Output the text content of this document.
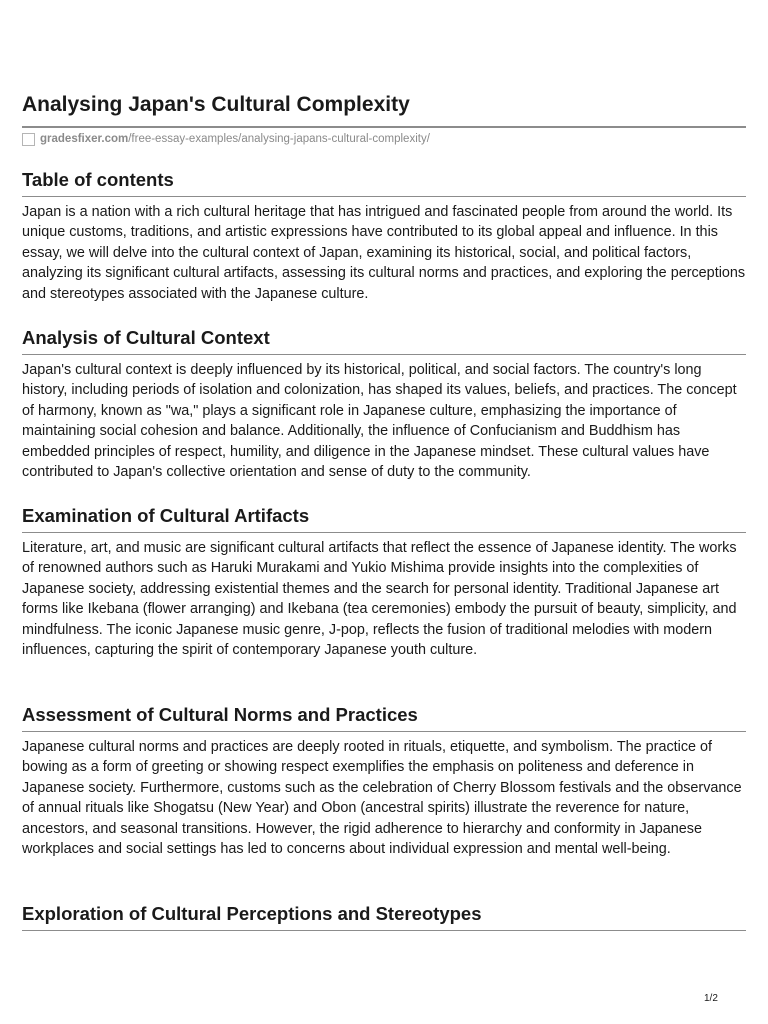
Analysing Japan's Cultural Complexity
gradesfixer.com /free-essay-examples/analysing-japans-cultural-complexity/
Table of contents

Japan is a nation with a rich cultural heritage that has intrigued and fascinated people from around the world. Its unique customs, traditions, and artistic expressions have contributed to its global appeal and influence. In this essay, we will delve into the cultural context of Japan, examining its historical, social, and political factors, analyzing its significant cultural artifacts, assessing its cultural norms and practices, and exploring the perceptions and stereotypes associated with the Japanese culture.

Analysis of Cultural Context

Japan's cultural context is deeply influenced by its historical, political, and social factors. The country's long history, including periods of isolation and colonization, has shaped its values, beliefs, and practices. The concept of harmony, known as "wa," plays a significant role in Japanese culture, emphasizing the importance of maintaining social cohesion and balance. Additionally, the influence of Confucianism and Buddhism has embedded principles of respect, humility, and diligence in the Japanese mindset. These cultural values have contributed to Japan's collective orientation and sense of duty to the community.

Examination of Cultural Artifacts

Literature, art, and music are significant cultural artifacts that reflect the essence of Japanese identity. The works of renowned authors such as Haruki Murakami and Yukio Mishima provide insights into the complexities of Japanese society, addressing existential themes and the search for personal identity. Traditional Japanese art forms like Ikebana (flower arranging) and Ikebana (tea ceremonies) embody the pursuit of beauty, simplicity, and mindfulness. The iconic Japanese music genre, J-pop, reflects the fusion of traditional melodies with modern influences, capturing the spirit of contemporary Japanese youth culture.

Assessment of Cultural Norms and Practices

Japanese cultural norms and practices are deeply rooted in rituals, etiquette, and symbolism. The practice of bowing as a form of greeting or showing respect exemplifies the emphasis on politeness and deference in Japanese society. Furthermore, customs such as the celebration of Cherry Blossom festivals and the observance of annual rituals like Shogatsu (New Year) and Obon (ancestral spirits) illustrate the reverence for nature, ancestors, and seasonal transitions. However, the rigid adherence to hierarchy and conformity in Japanese workplaces and social settings has led to concerns about individual expression and mental well-being.

Exploration of Cultural Perceptions and Stereotypes
1/2
